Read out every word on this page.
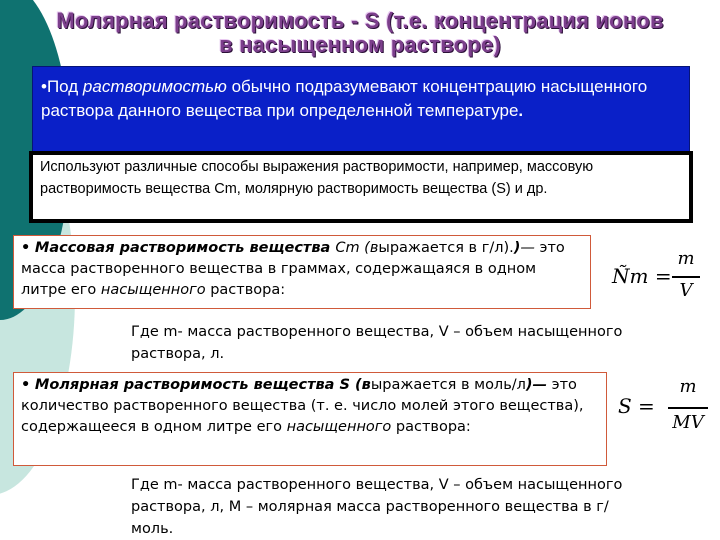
Молярная растворимость - S (т.е. концентрация ионов
в насыщенном растворе)
•Под растворимостью обычно подразумевают концентрацию насыщенного раствора данного вещества при определенной температуре.
Используют различные способы выражения растворимости, например, массовую растворимость вещества Cm, молярную растворимость вещества (S) и др.
• Массовая растворимость вещества Cm (выражается в г/л).)— это масса растворенного вещества в граммах, содержащаяся в одном литре его насыщенного раствора:
Ñm =
m
V
Где m- масса растворенного вещества, V – объем насыщенного раствора, л.
• Молярная растворимость вещества S (выражается в моль/л)— это количество растворенного вещества (т. е. число молей этого вещества), содержащееся в одном литре его насыщенного раствора:
S =
m
MV
Где m- масса растворенного вещества, V – объем насыщенного раствора, л, М – молярная масса растворенного вещества в г/моль.
